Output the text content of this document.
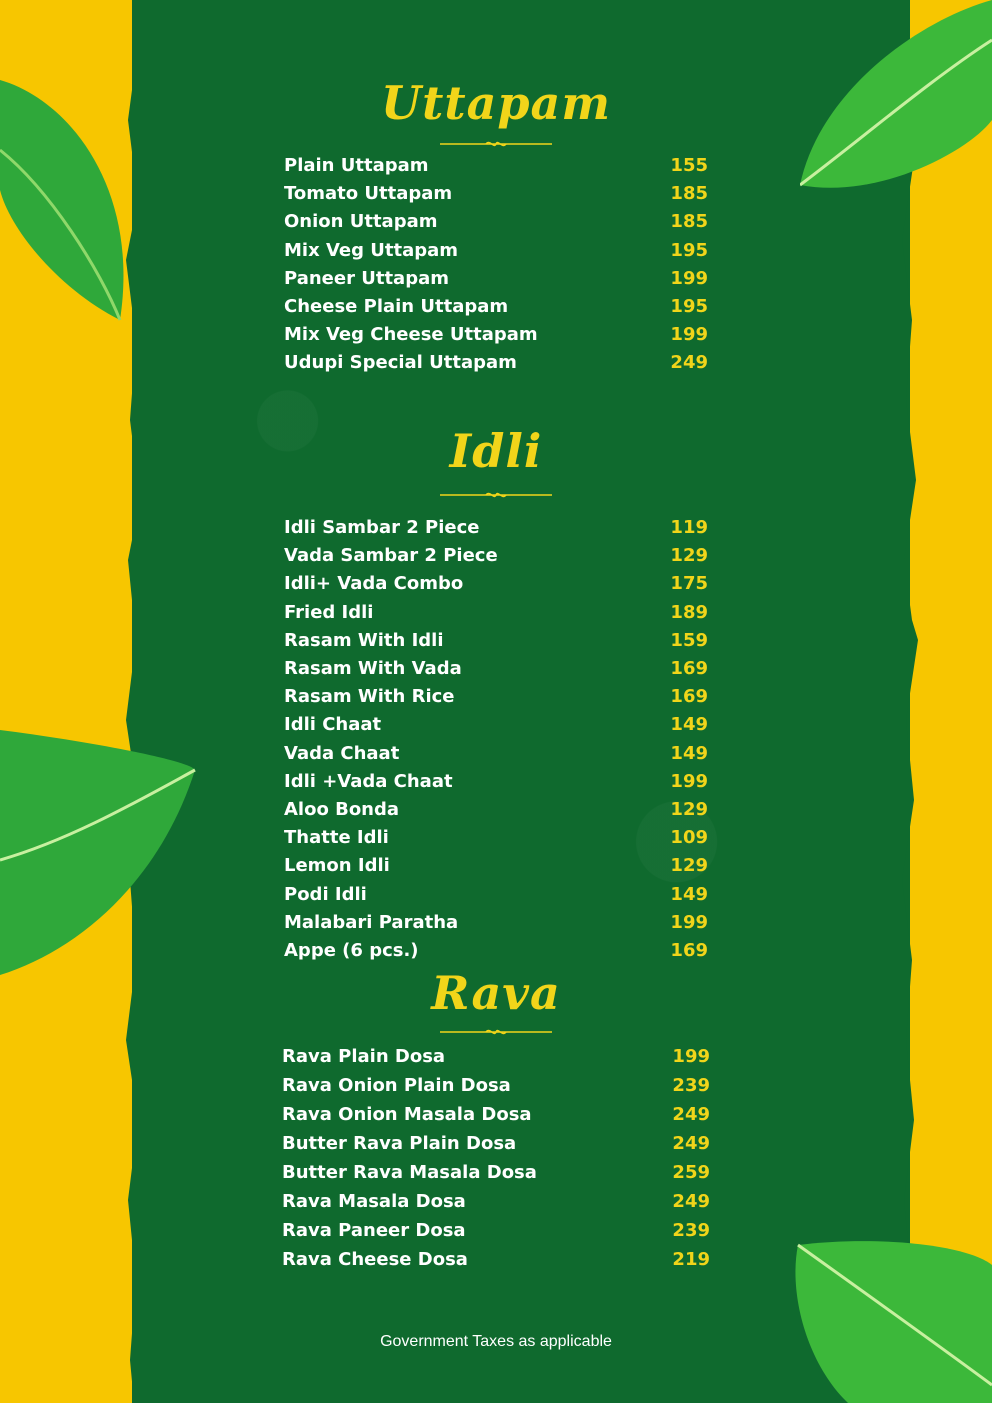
Uttapam
Plain Uttapam	155
Tomato Uttapam	185
Onion Uttapam	185
Mix Veg Uttapam	195
Paneer Uttapam	199
Cheese Plain Uttapam	195
Mix Veg Cheese Uttapam	199
Udupi Special Uttapam	249
Idli
Idli Sambar 2 Piece	119
Vada Sambar 2 Piece	129
Idli+ Vada Combo	175
Fried Idli	189
Rasam With Idli	159
Rasam With Vada	169
Rasam With Rice	169
Idli Chaat	149
Vada Chaat	149
Idli +Vada Chaat	199
Aloo Bonda	129
Thatte Idli	109
Lemon Idli	129
Podi Idli	149
Malabari Paratha	199
Appe (6 pcs.)	169
Rava
Rava Plain Dosa	199
Rava Onion Plain Dosa	239
Rava Onion Masala Dosa	249
Butter Rava Plain Dosa	249
Butter Rava Masala Dosa	259
Rava Masala Dosa	249
Rava Paneer Dosa	239
Rava Cheese Dosa	219
Government Taxes as applicable
